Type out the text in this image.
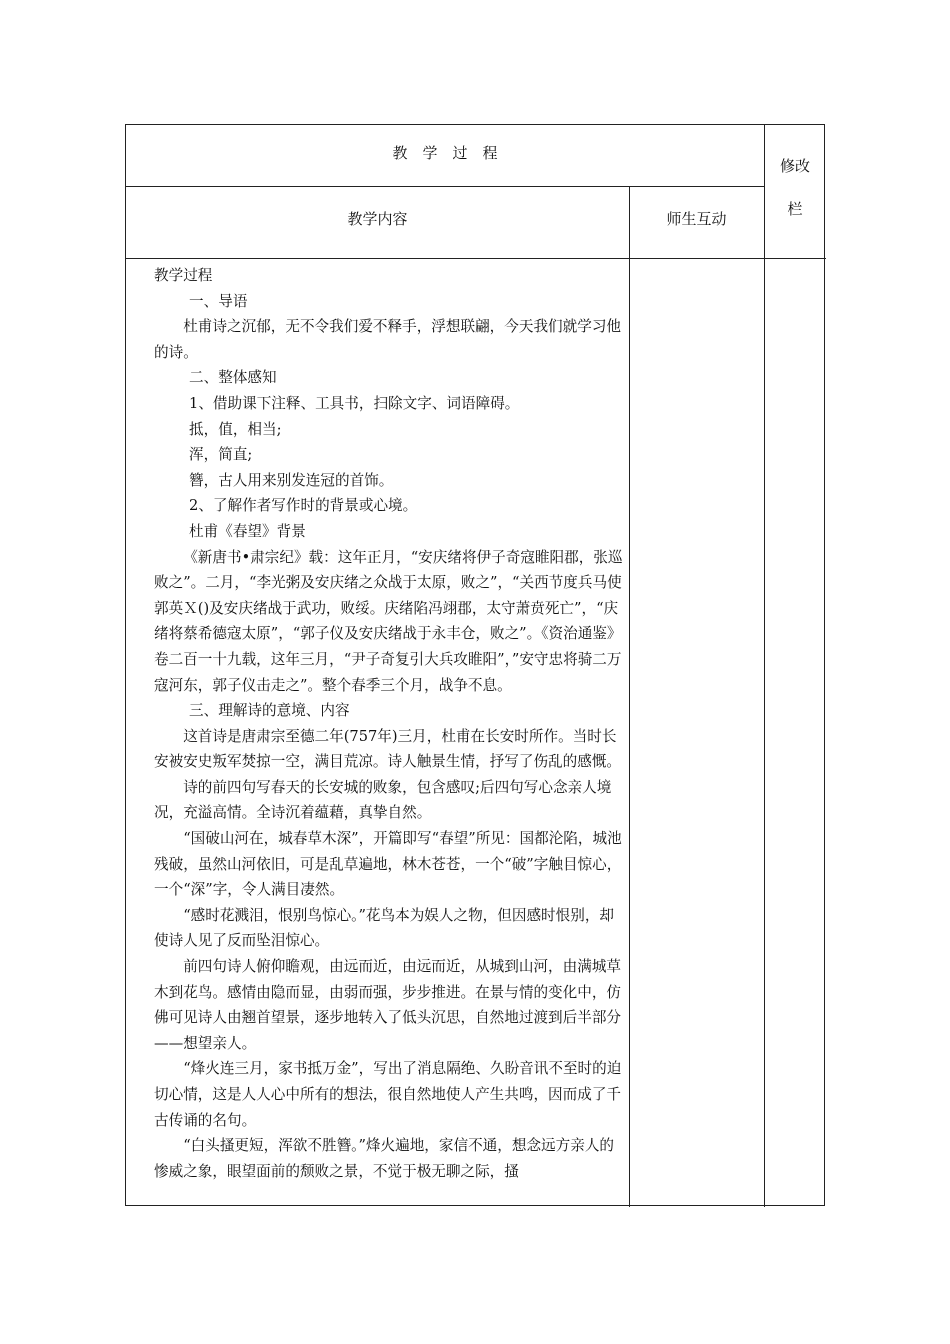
教　学　过　程
修改
栏
教学内容	师生互动

教学过程

一、导语

杜甫诗之沉郁，无不令我们爱不释手，浮想联翩，今天我们就学习他的诗。

二、整体感知

1、借助课下注释、工具书，扫除文字、词语障碍。

抵，值，相当;

浑，简直;

簪，古人用来别发连冠的首饰。

2、了解作者写作时的背景或心境。

杜甫《春望》背景

《新唐书•肃宗纪》载：这年正月，“安庆绪将伊子奇寇睢阳郡，张巡败之”。二月，“李光粥及安庆绪之众战于太原，败之”，“关西节度兵马使郭英Ｘ()及安庆绪战于武功，败绥。庆绪陷冯翊郡，太守萧贲死亡”，“庆绪将蔡希德寇太原”，“郭子仪及安庆绪战于永丰仓，败之”。《资治通鉴》卷二百一十九载，这年三月，“尹子奇复引大兵攻睢阳”，”安守忠将骑二万寇河东，郭子仪击走之”。整个春季三个月，战争不息。

三、理解诗的意境、内容

这首诗是唐肃宗至德二年(757年)三月，杜甫在长安时所作。当时长安被安史叛军焚掠一空，满目荒凉。诗人触景生情，抒写了伤乱的感慨。

诗的前四句写春天的长安城的败象，包含感叹;后四句写心念亲人境况，充溢高情。全诗沉着蕴藉，真挚自然。

“国破山河在，城春草木深”，开篇即写“春望”所见：国都沦陷，城池残破，虽然山河依旧，可是乱草遍地，林木苍苍，一个“破”字触目惊心，一个“深”字，令人满目凄然。

“感时花溅泪，恨别鸟惊心。”花鸟本为娱人之物，但因感时恨别，却使诗人见了反而坠泪惊心。

前四句诗人俯仰瞻观，由远而近，由远而近，从城到山河，由满城草木到花鸟。感情由隐而显，由弱而强，步步推进。在景与情的变化中，仿佛可见诗人由翘首望景，逐步地转入了低头沉思，自然地过渡到后半部分——想望亲人。

“烽火连三月，家书抵万金”，写出了消息隔绝、久盼音讯不至时的迫切心情，这是人人心中所有的想法，很自然地使人产生共鸣，因而成了千古传诵的名句。

“白头搔更短，浑欲不胜簪。”烽火遍地，家信不通，想念远方亲人的惨威之象，眼望面前的颓败之景，不觉于极无聊之际，搔
